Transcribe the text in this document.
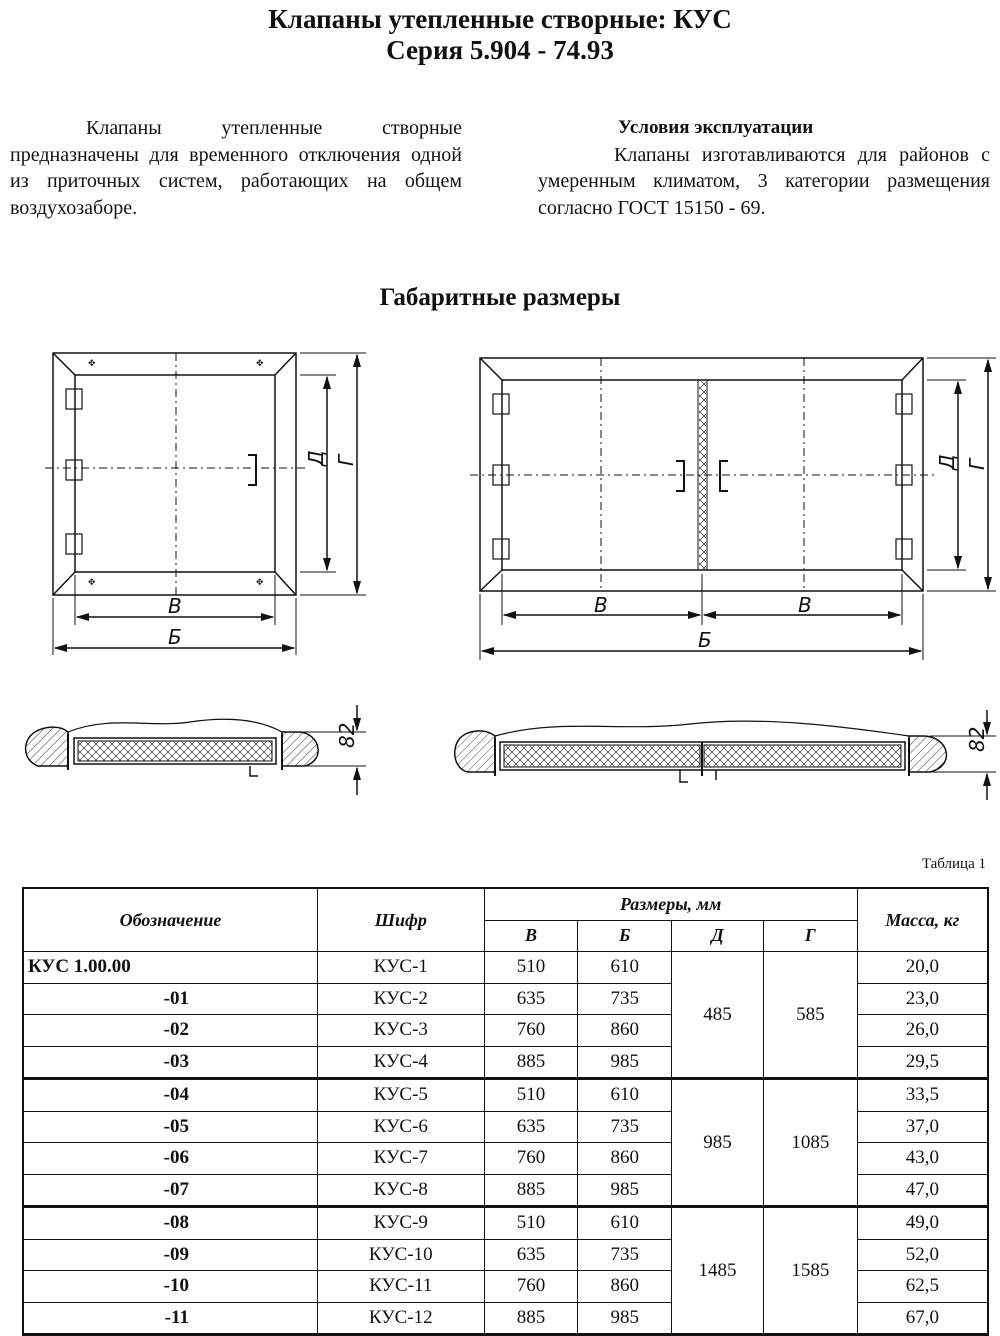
Клапаны утепленные створные: КУС
Серия 5.904 - 74.93
Клапаны утепленные створные предназначены для временного отключения одной из приточных систем, работающих на общем воздухозаборе.
Условия эксплуатации
Клапаны изготавливаются для районов с умеренным климатом, 3 категории размещения согласно ГОСТ 15150 - 69.
Габаритные размеры
✥	✥
✥	✥
В
Б
Д Г
В	В
Б
Д Г
82	82
Таблица 1
Обозначение	Шифр	Размеры, мм				Масса, кг
		В	Б	Д	Г	
КУС 1.00.00	КУС-1	510	610	485	585	20,0
-01	КУС-2	635	735			23,0
-02	КУС-3	760	860			26,0
-03	КУС-4	885	985			29,5
-04	КУС-5	510	610	985	1085	33,5
-05	КУС-6	635	735			37,0
-06	КУС-7	760	860			43,0
-07	КУС-8	885	985			47,0
-08	КУС-9	510	610	1485	1585	49,0
-09	КУС-10	635	735			52,0
-10	КУС-11	760	860			62,5
-11	КУС-12	885	985			67,0
